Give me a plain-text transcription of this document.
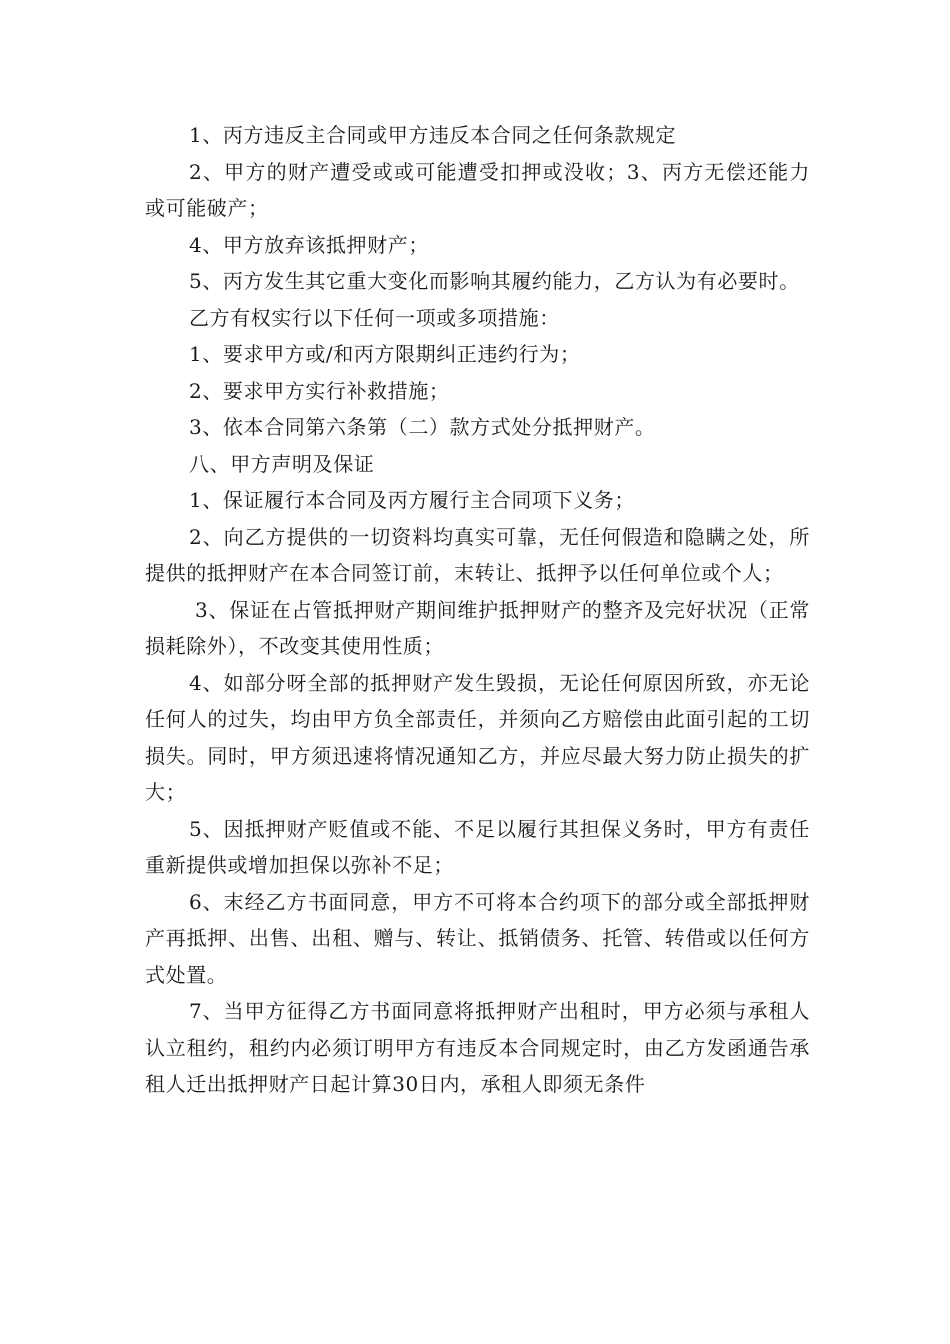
1、丙方违反主合同或甲方违反本合同之任何条款规定

2、甲方的财产遭受或或可能遭受扣押或没收；3、丙方无偿还能力或可能破产；

4、甲方放弃该抵押财产；

5、丙方发生其它重大变化而影响其履约能力，乙方认为有必要时。

乙方有权实行以下任何一项或多项措施：

1、要求甲方或/和丙方限期纠正违约行为；

2、要求甲方实行补救措施；

3、依本合同第六条第（二）款方式处分抵押财产。

八、甲方声明及保证

1、保证履行本合同及丙方履行主合同项下义务；

2、向乙方提供的一切资料均真实可靠，无任何假造和隐瞒之处，所提供的抵押财产在本合同签订前，末转让、抵押予以任何单位或个人；

3、保证在占管抵押财产期间维护抵押财产的整齐及完好状况（正常损耗除外），不改变其使用性质；

4、如部分呀全部的抵押财产发生毁损，无论任何原因所致，亦无论任何人的过失，均由甲方负全部责任，并须向乙方赔偿由此面引起的工切损失。同时，甲方须迅速将情况通知乙方，并应尽最大努力防止损失的扩大；

5、因抵押财产贬值或不能、不足以履行其担保义务时，甲方有责任重新提供或增加担保以弥补不足；

6、末经乙方书面同意，甲方不可将本合约项下的部分或全部抵押财产再抵押、出售、出租、赠与、转让、抵销债务、托管、转借或以任何方式处置。

7、当甲方征得乙方书面同意将抵押财产出租时，甲方必须与承租人认立租约，租约内必须订明甲方有违反本合同规定时，由乙方发函通告承租人迁出抵押财产日起计算30日内，承租人即须无条件
